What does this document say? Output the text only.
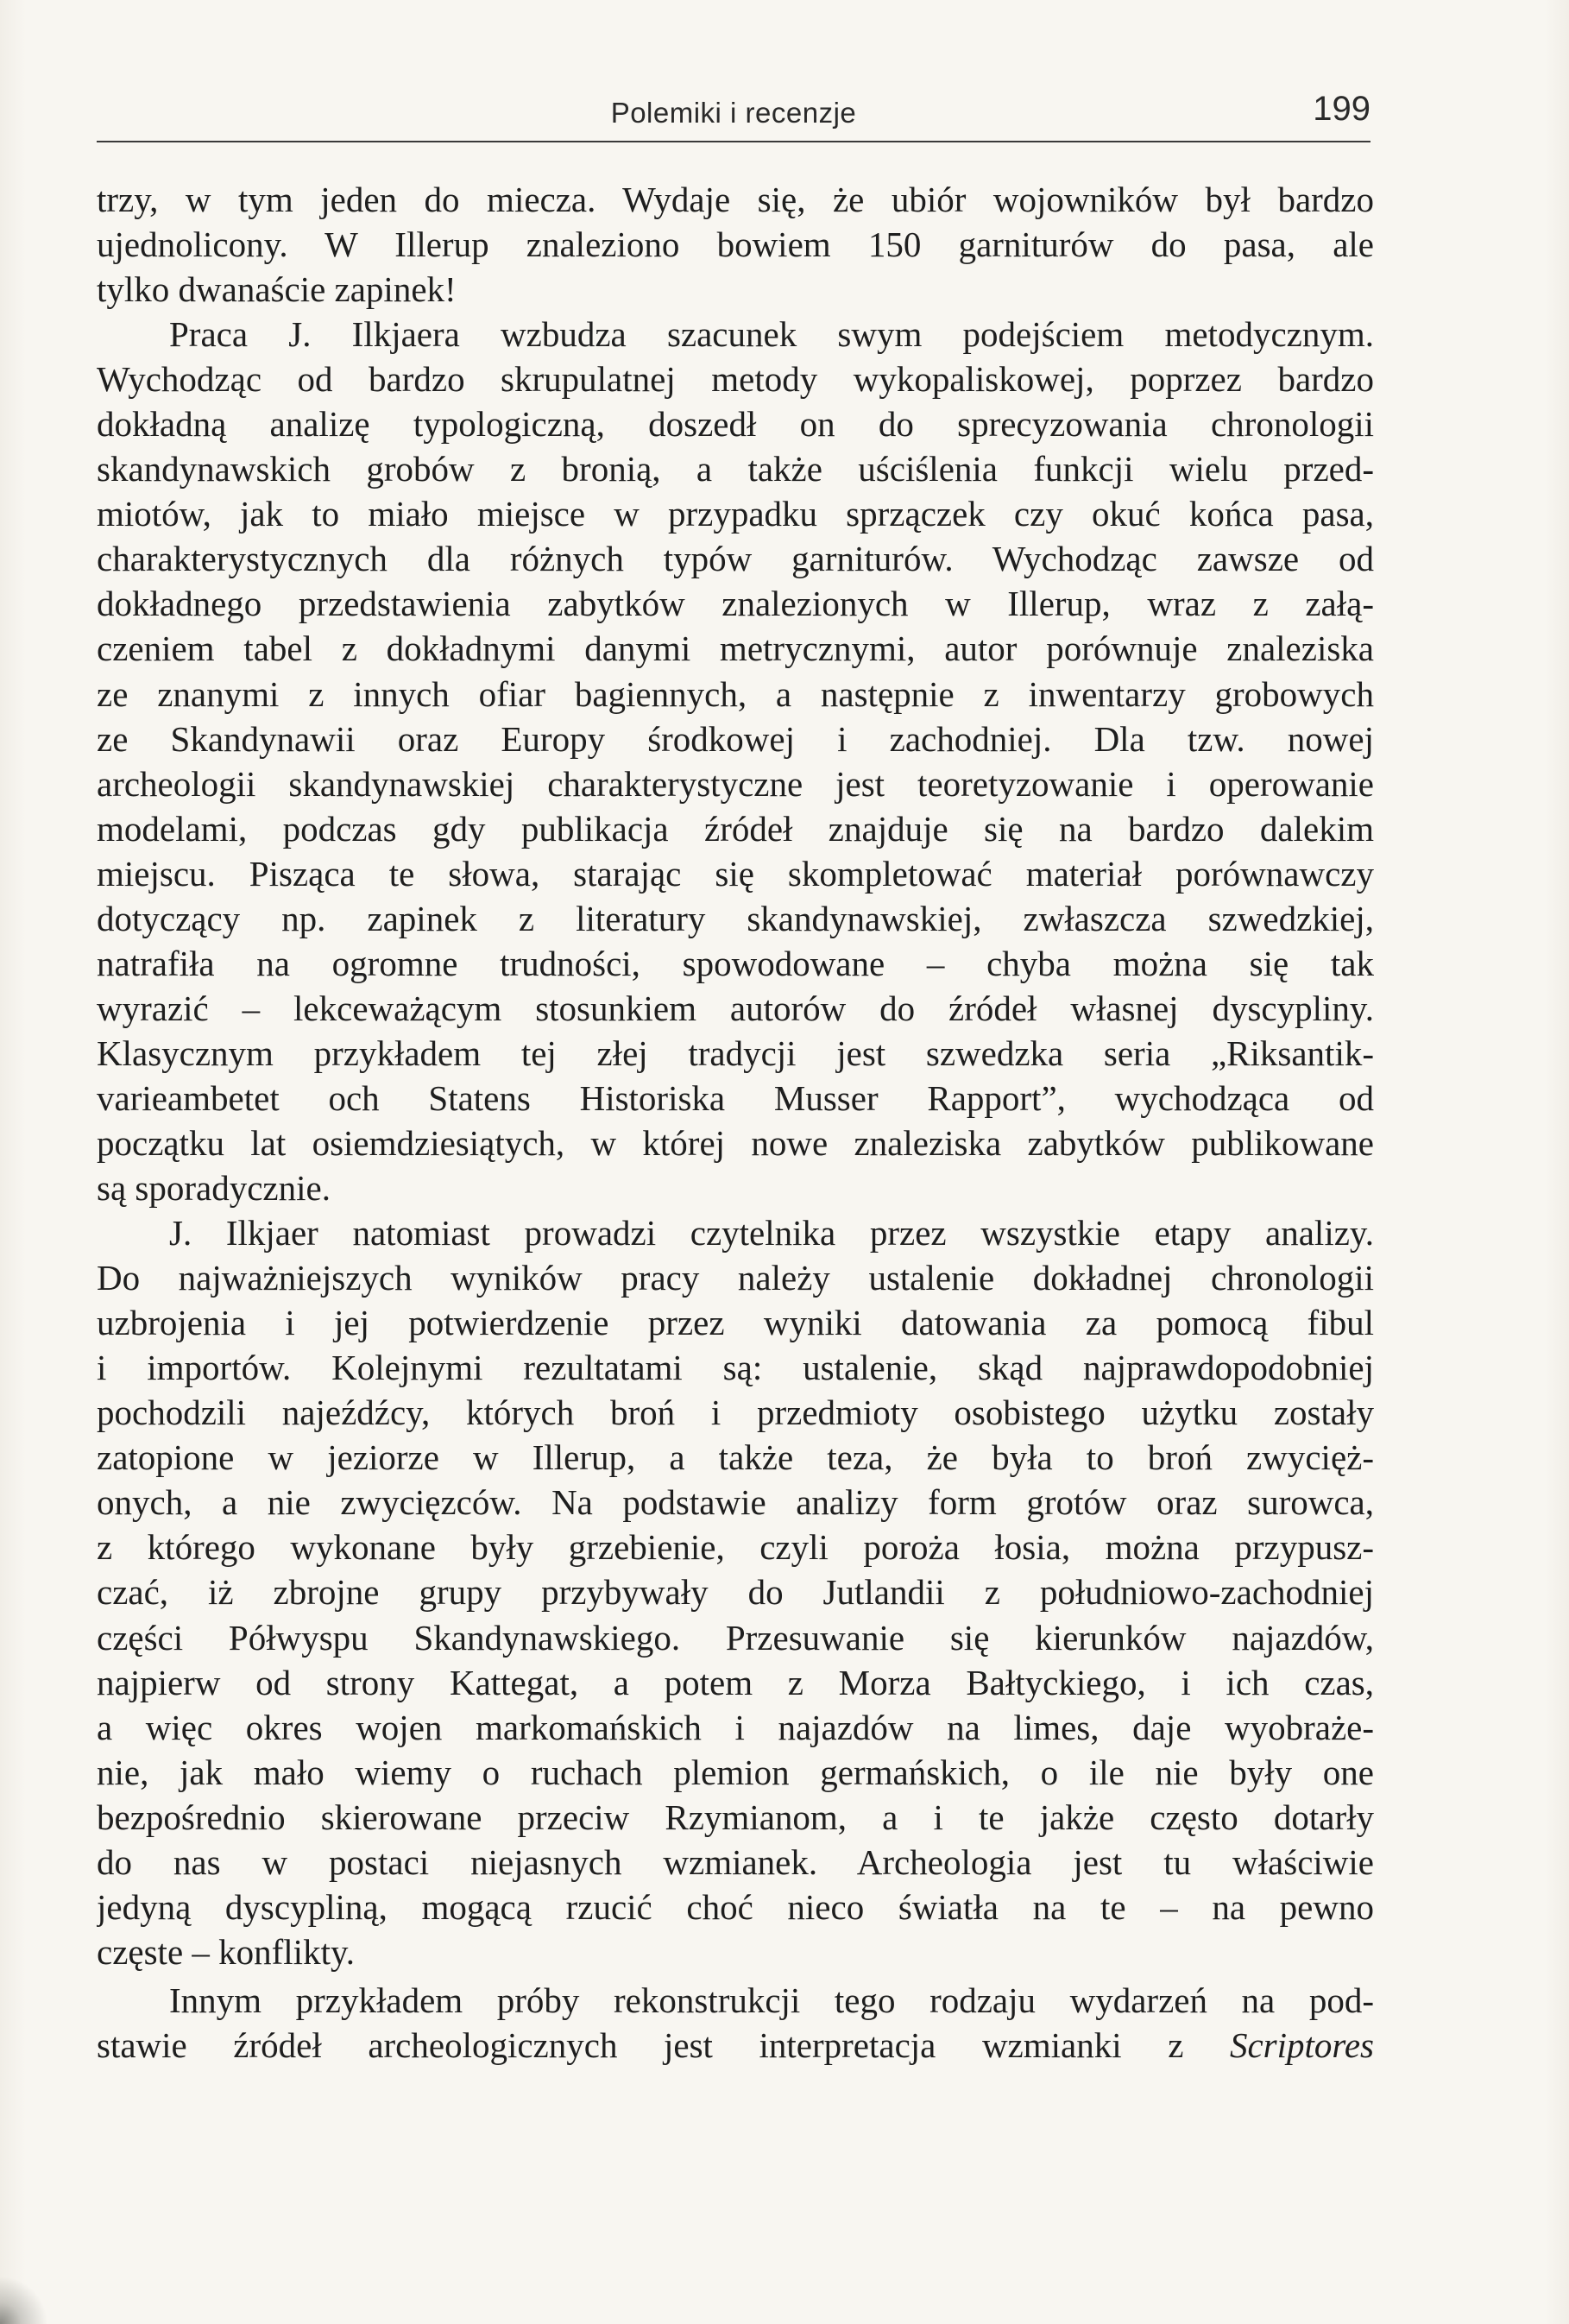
Polemiki i recenzje	199
trzy, w tym jeden do miecza. Wydaje się, że ubiór wojowników był bardzo
ujednolicony. W Illerup znaleziono bowiem 150 garniturów do pasa, ale
tylko dwanaście zapinek!
Praca J. Ilkjaera wzbudza szacunek swym podejściem metodycznym.
Wychodząc od bardzo skrupulatnej metody wykopaliskowej, poprzez bardzo
dokładną analizę typologiczną, doszedł on do sprecyzowania chronologii
skandynawskich grobów z bronią, a także uściślenia funkcji wielu przed-
miotów, jak to miało miejsce w przypadku sprzączek czy okuć końca pasa,
charakterystycznych dla różnych typów garniturów. Wychodząc zawsze od
dokładnego przedstawienia zabytków znalezionych w Illerup, wraz z załą-
czeniem tabel z dokładnymi danymi metrycznymi, autor porównuje znaleziska
ze znanymi z innych ofiar bagiennych, a następnie z inwentarzy grobowych
ze Skandynawii oraz Europy środkowej i zachodniej. Dla tzw. nowej
archeologii skandynawskiej charakterystyczne jest teoretyzowanie i operowanie
modelami, podczas gdy publikacja źródeł znajduje się na bardzo dalekim
miejscu. Pisząca te słowa, starając się skompletować materiał porównawczy
dotyczący np. zapinek z literatury skandynawskiej, zwłaszcza szwedzkiej,
natrafiła na ogromne trudności, spowodowane – chyba można się tak
wyrazić – lekceważącym stosunkiem autorów do źródeł własnej dyscypliny.
Klasycznym przykładem tej złej tradycji jest szwedzka seria „Riksantik-
varieambetet och Statens Historiska Musser Rapport”, wychodząca od
początku lat osiemdziesiątych, w której nowe znaleziska zabytków publikowane
są sporadycznie.
J. Ilkjaer natomiast prowadzi czytelnika przez wszystkie etapy analizy.
Do najważniejszych wyników pracy należy ustalenie dokładnej chronologii
uzbrojenia i jej potwierdzenie przez wyniki datowania za pomocą fibul
i importów. Kolejnymi rezultatami są: ustalenie, skąd najprawdopodobniej
pochodzili najeźdźcy, których broń i przedmioty osobistego użytku zostały
zatopione w jeziorze w Illerup, a także teza, że była to broń zwycięż-
onych, a nie zwycięzców. Na podstawie analizy form grotów oraz surowca,
z którego wykonane były grzebienie, czyli poroża łosia, można przypusz-
czać, iż zbrojne grupy przybywały do Jutlandii z południowo-zachodniej
części Półwyspu Skandynawskiego. Przesuwanie się kierunków najazdów,
najpierw od strony Kattegat, a potem z Morza Bałtyckiego, i ich czas,
a więc okres wojen markomańskich i najazdów na limes, daje wyobraże-
nie, jak mało wiemy o ruchach plemion germańskich, o ile nie były one
bezpośrednio skierowane przeciw Rzymianom, a i te jakże często dotarły
do nas w postaci niejasnych wzmianek. Archeologia jest tu właściwie
jedyną dyscypliną, mogącą rzucić choć nieco światła na te – na pewno
częste – konflikty.
Innym przykładem próby rekonstrukcji tego rodzaju wydarzeń na pod-
stawie źródeł archeologicznych jest interpretacja wzmianki z Scriptores
